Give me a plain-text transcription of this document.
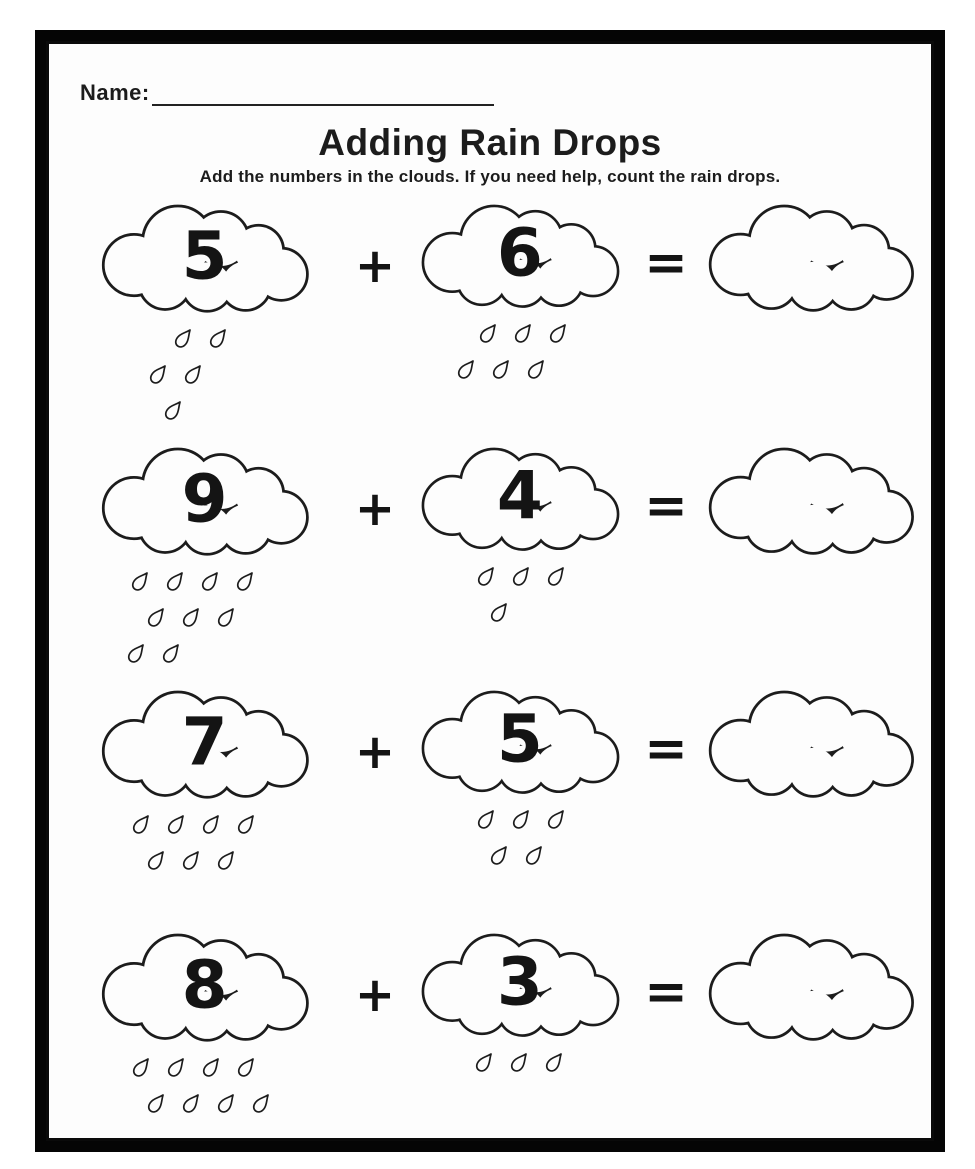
Name:
Adding Rain Drops
Add the numbers in the clouds. If you need help, count the rain drops.
5	+	6 =
9	+	4 =
7	+	5 =
8	+	3 =
